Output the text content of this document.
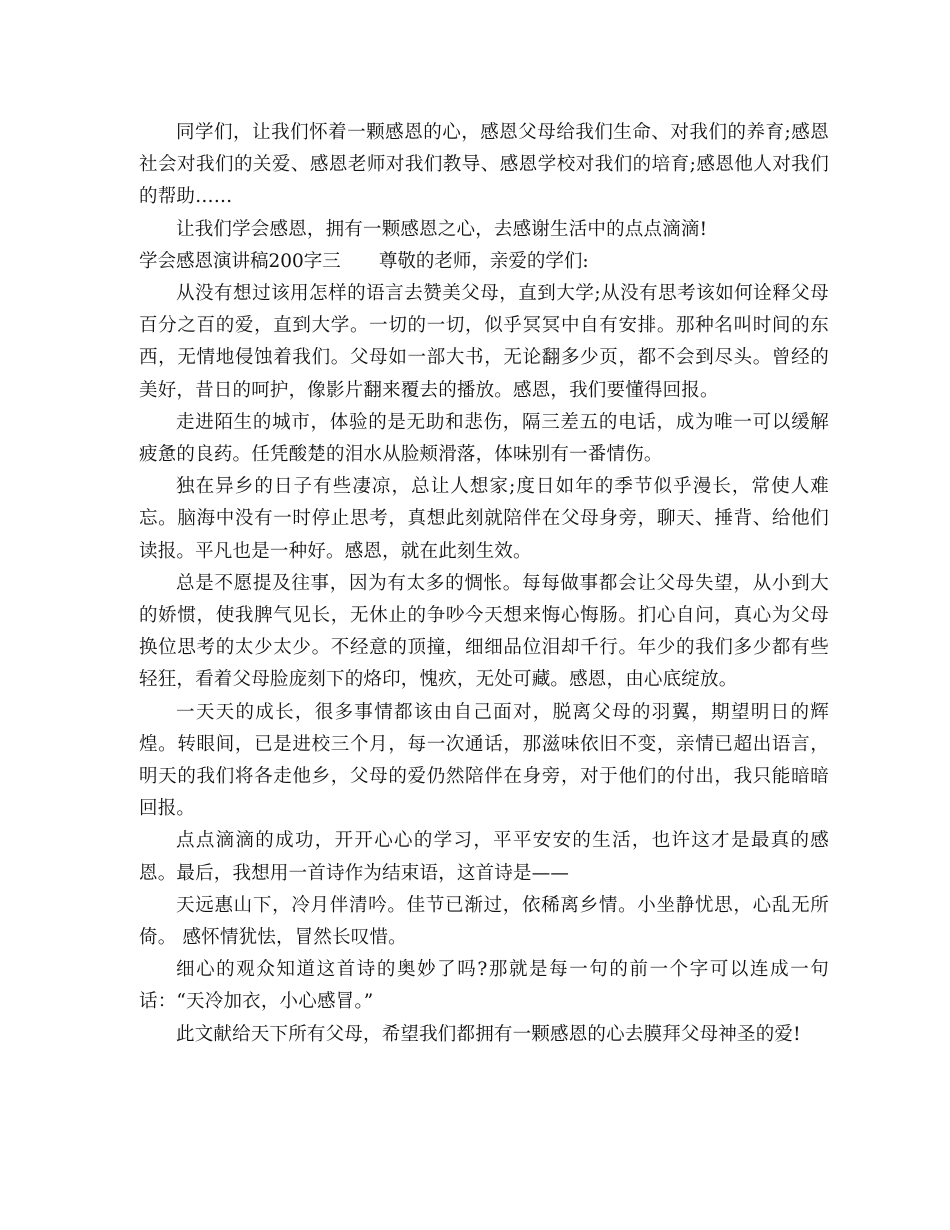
同学们，让我们怀着一颗感恩的心，感恩父母给我们生命、对我们的养育;感恩社会对我们的关爱、感恩老师对我们教导、感恩学校对我们的培育;感恩他人对我们的帮助……

让我们学会感恩，拥有一颗感恩之心，去感谢生活中的点点滴滴!

学会感恩演讲稿200字三 尊敬的老师，亲爱的学们:

从没有想过该用怎样的语言去赞美父母，直到大学;从没有思考该如何诠释父母百分之百的爱，直到大学。一切的一切，似乎冥冥中自有安排。那种名叫时间的东西，无情地侵蚀着我们。父母如一部大书，无论翻多少页，都不会到尽头。曾经的美好，昔日的呵护，像影片翻来覆去的播放。感恩，我们要懂得回报。

走进陌生的城市，体验的是无助和悲伤，隔三差五的电话，成为唯一可以缓解疲惫的良药。任凭酸楚的泪水从脸颊滑落，体味别有一番情伤。

独在异乡的日子有些凄凉，总让人想家;度日如年的季节似乎漫长，常使人难忘。脑海中没有一时停止思考，真想此刻就陪伴在父母身旁，聊天、捶背、给他们读报。平凡也是一种好。感恩，就在此刻生效。

总是不愿提及往事，因为有太多的惆怅。每每做事都会让父母失望，从小到大的娇惯，使我脾气见长，无休止的争吵今天想来悔心悔肠。扪心自问，真心为父母换位思考的太少太少。不经意的顶撞，细细品位泪却千行。年少的我们多少都有些轻狂，看着父母脸庞刻下的烙印，愧疚，无处可藏。感恩，由心底绽放。

一天天的成长，很多事情都该由自己面对，脱离父母的羽翼，期望明日的辉煌。转眼间，已是进校三个月，每一次通话，那滋味依旧不变，亲情已超出语言，明天的我们将各走他乡，父母的爱仍然陪伴在身旁，对于他们的付出，我只能暗暗回报。

点点滴滴的成功，开开心心的学习，平平安安的生活，也许这才是最真的感恩。最后，我想用一首诗作为结束语，这首诗是——

天远惠山下，冷月伴清吟。佳节已渐过，依稀离乡情。小坐静忧思，心乱无所倚。 感怀情犹怯，冒然长叹惜。

细心的观众知道这首诗的奥妙了吗?那就是每一句的前一个字可以连成一句话：“天冷加衣，小心感冒。”

此文献给天下所有父母，希望我们都拥有一颗感恩的心去膜拜父母神圣的爱!
